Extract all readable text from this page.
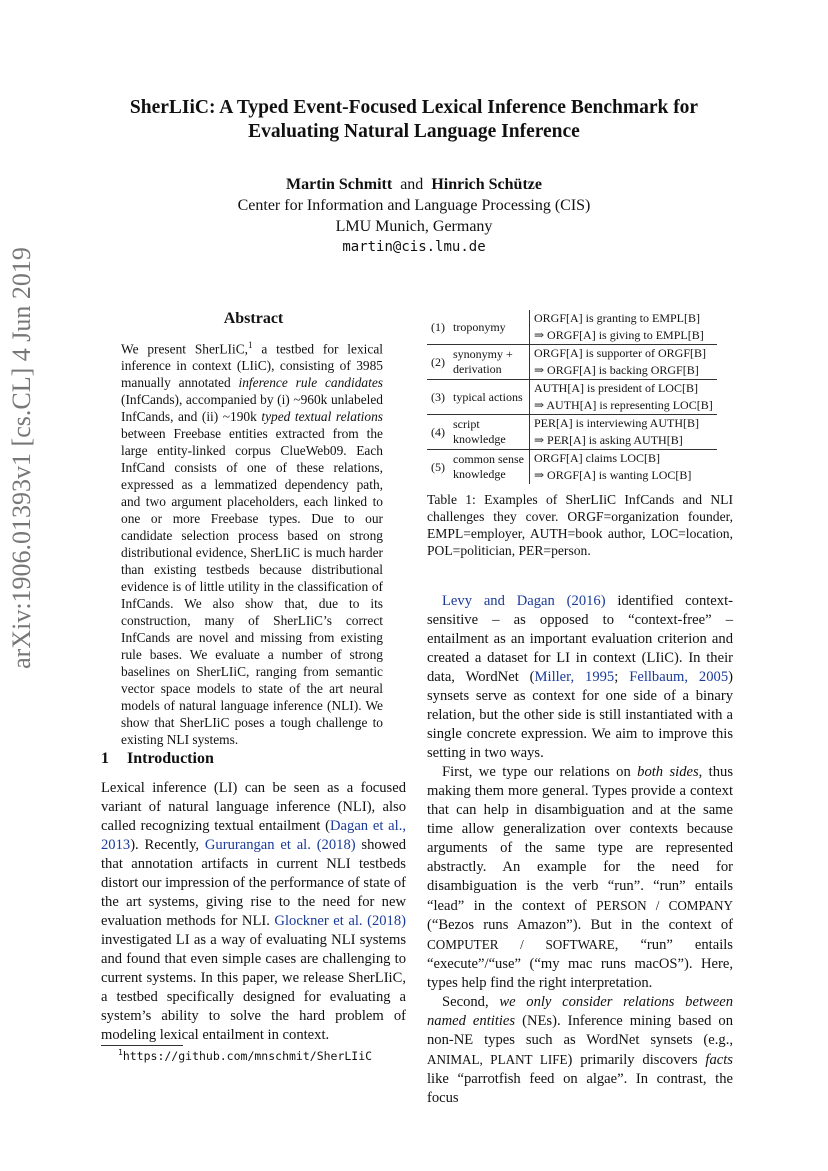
arXiv:1906.01393v1 [cs.CL] 4 Jun 2019
SherLIiC: A Typed Event-Focused Lexical Inference Benchmark for
Evaluating Natural Language Inference
Martin Schmitt and Hinrich Schütze
Center for Information and Language Processing (CIS)
LMU Munich, Germany
martin@cis.lmu.de
Abstract
We present SherLIiC,$^1$ a testbed for lexical inference in context (LIiC), consisting of 3985 manually annotated inference rule candidates (InfCands), accompanied by (i) ~960k unlabeled InfCands, and (ii) ~190k typed textual relations between Freebase entities extracted from the large entity-linked corpus ClueWeb09. Each InfCand consists of one of these relations, expressed as a lemmatized dependency path, and two argument placeholders, each linked to one or more Freebase types. Due to our candidate selection process based on strong distributional evidence, SherLIiC is much harder than existing testbeds because distributional evidence is of little utility in the classification of InfCands. We also show that, due to its construction, many of SherLIiC’s correct InfCands are novel and missing from existing rule bases. We evaluate a number of strong baselines on SherLIiC, ranging from semantic vector space models to state of the art neural models of natural language inference (NLI). We show that SherLIiC poses a tough challenge to existing NLI systems.
1 Introduction

Lexical inference (LI) can be seen as a focused variant of natural language inference (NLI), also called recognizing textual entailment (Dagan et al., 2013). Recently, Gururangan et al. (2018) showed that annotation artifacts in current NLI testbeds distort our impression of the performance of state of the art systems, giving rise to the need for new evaluation methods for NLI. Glockner et al. (2018) investigated LI as a way of evaluating NLI systems and found that even simple cases are challenging to current systems. In this paper, we release SherLIiC, a testbed specifically designed for evaluating a system’s ability to solve the hard problem of modeling lexical entailment in context.

$^1$https://github.com/mnschmit/SherLIiC
(1)	troponymy	ORGF[A] is granting to EMPL[B]
		⇒ ORGF[A] is giving to EMPL[B]
(2)	synonymy + derivation	ORGF[A] is supporter of ORGF[B]
		⇒ ORGF[A] is backing ORGF[B]
(3)	typical actions	AUTH[A] is president of LOC[B]
		⇒ AUTH[A] is representing LOC[B]
(4)	script knowledge	PER[A] is interviewing AUTH[B]
		⇒ PER[A] is asking AUTH[B]
(5)	common sense knowledge	ORGF[A] claims LOC[B]
		⇒ ORGF[A] is wanting LOC[B]
Table 1: Examples of SherLIiC InfCands and NLI challenges they cover. ORGF=organization founder, EMPL=employer, AUTH=book author, LOC=location, POL=politician, PER=person.

Levy and Dagan (2016) identified context-sensitive – as opposed to “context-free” – entailment as an important evaluation criterion and created a dataset for LI in context (LIiC). In their data, WordNet (Miller, 1995; Fellbaum, 2005) synsets serve as context for one side of a binary relation, but the other side is still instantiated with a single concrete expression. We aim to improve this setting in two ways.

First, we type our relations on both sides, thus making them more general. Types provide a context that can help in disambiguation and at the same time allow generalization over contexts because arguments of the same type are represented abstractly. An example for the need for disambiguation is the verb “run”. “run” entails “lead” in the context of PERSON / COMPANY (“Bezos runs Amazon”). But in the context of COMPUTER / SOFTWARE, “run” entails “execute”/“use” (“my mac runs macOS”). Here, types help find the right interpretation.

Second, we only consider relations between named entities (NEs). Inference mining based on non-NE types such as WordNet synsets (e.g., ANIMAL, PLANT LIFE) primarily discovers facts like “parrotfish feed on algae”. In contrast, the focus
